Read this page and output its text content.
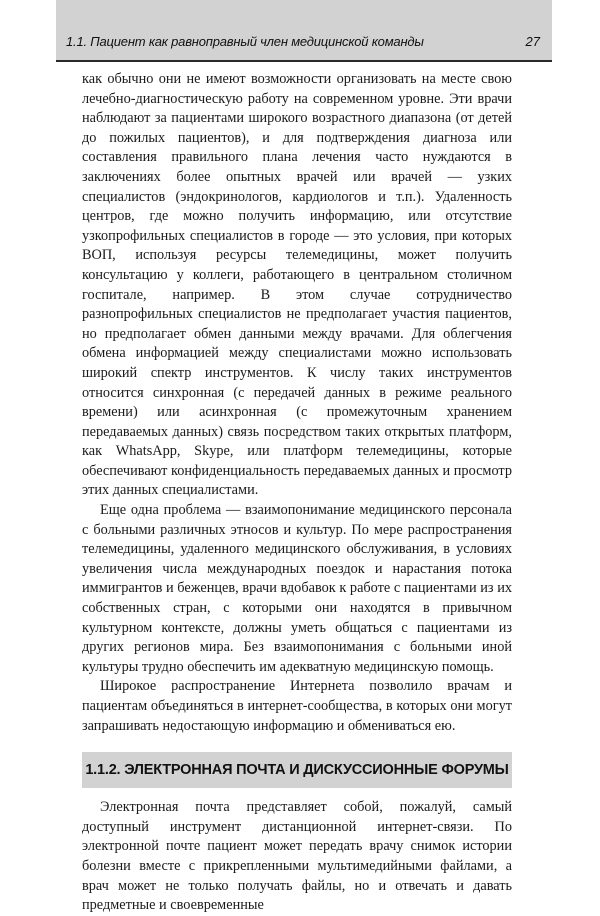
1.1. Пациент как равноправный член медицинской команды	27

как обычно они не имеют возможности организовать на месте свою лечебно-диагностическую работу на современном уровне. Эти врачи наблюдают за пациентами широкого возрастного диапазона (от детей до пожилых пациентов), и для подтверждения диагноза или составления правильного плана лечения часто нуждаются в заключениях более опытных врачей или врачей — узких специалистов (эндокринологов, кардиологов и т.п.). Удаленность центров, где можно получить информацию, или отсутствие узкопрофильных специалистов в городе — это условия, при которых ВОП, используя ресурсы телемедицины, может получить консультацию у коллеги, работающего в центральном столичном госпитале, например. В этом случае сотрудничество разнопрофильных специалистов не предполагает участия пациентов, но предполагает обмен данными между врачами. Для облегчения обмена информацией между специалистами можно использовать широкий спектр инструментов. К числу таких инструментов относится синхронная (с передачей данных в режиме реального времени) или асинхронная (с промежуточным хранением передаваемых данных) связь посредством таких открытых платформ, как WhatsApp, Skype, или платформ телемедицины, которые обеспечивают конфиденциальность передаваемых данных и просмотр этих данных специалистами.

Еще одна проблема — взаимопонимание медицинского персонала с больными различных этносов и культур. По мере распространения телемедицины, удаленного медицинского обслуживания, в условиях увеличения числа международных поездок и нарастания потока иммигрантов и беженцев, врачи вдобавок к работе с пациентами из их собственных стран, с которыми они находятся в привычном культурном контексте, должны уметь общаться с пациентами из других регионов мира. Без взаимопонимания с больными иной культуры трудно обеспечить им адекватную медицинскую помощь.

Широкое распространение Интернета позволило врачам и пациентам объединяться в интернет-сообщества, в которых они могут запрашивать недостающую информацию и обмениваться ею.

1.1.2. ЭЛЕКТРОННАЯ ПОЧТА И ДИСКУССИОННЫЕ ФОРУМЫ

Электронная почта представляет собой, пожалуй, самый доступный инструмент дистанционной интернет-связи. По электронной почте пациент может передать врачу снимок истории болезни вместе с прикрепленными мультимедийными файлами, а врач может не только получать файлы, но и отвечать и давать предметные и своевременные
